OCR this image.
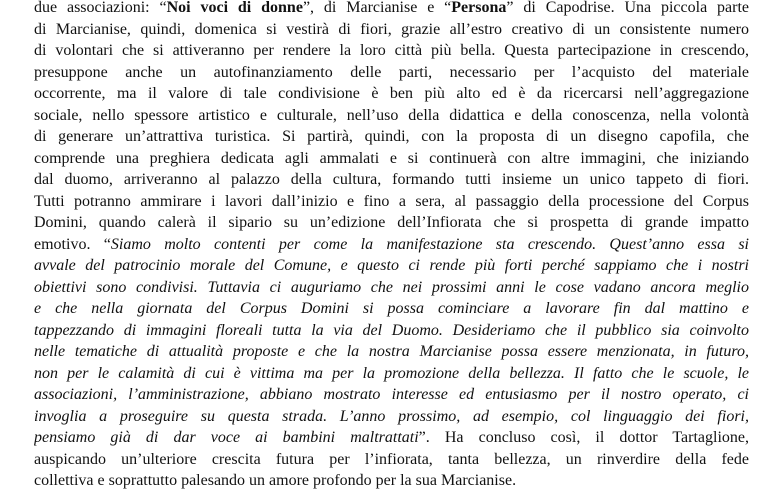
due associazioni: “Noi voci di donne”, di Marcianise e “Persona” di Capodrise. Una piccola parte
di Marcianise, quindi, domenica si vestirà di fiori, grazie all’estro creativo di un consistente numero
di volontari che si attiveranno per rendere la loro città più bella. Questa partecipazione in crescendo,
presuppone anche un autofinanziamento delle parti, necessario per l’acquisto del materiale
occorrente, ma il valore di tale condivisione è ben più alto ed è da ricercarsi nell’aggregazione
sociale, nello spessore artistico e culturale, nell’uso della didattica e della conoscenza, nella volontà
di generare un’attrattiva turistica. Si partirà, quindi, con la proposta di un disegno capofila, che
comprende una preghiera dedicata agli ammalati e si continuerà con altre immagini, che iniziando
dal duomo, arriveranno al palazzo della cultura, formando tutti insieme un unico tappeto di fiori.
Tutti potranno ammirare i lavori dall’inizio e fino a sera, al passaggio della processione del Corpus
Domini, quando calerà il sipario su un’edizione dell’Infiorata che si prospetta di grande impatto
emotivo. “Siamo molto contenti per come la manifestazione sta crescendo. Quest’anno essa si
avvale del patrocinio morale del Comune, e questo ci rende più forti perché sappiamo che i nostri
obiettivi sono condivisi. Tuttavia ci auguriamo che nei prossimi anni le cose vadano ancora meglio
e che nella giornata del Corpus Domini si possa cominciare a lavorare fin dal mattino e
tappezzando di immagini floreali tutta la via del Duomo. Desideriamo che il pubblico sia coinvolto
nelle tematiche di attualità proposte e che la nostra Marcianise possa essere menzionata, in futuro,
non per le calamità di cui è vittima ma per la promozione della bellezza. Il fatto che le scuole, le
associazioni, l’amministrazione, abbiano mostrato interesse ed entusiasmo per il nostro operato, ci
invoglia a proseguire su questa strada. L’anno prossimo, ad esempio, col linguaggio dei fiori,
pensiamo già di dar voce ai bambini maltrattati”. Ha concluso così, il dottor Tartaglione,
auspicando un’ulteriore crescita futura per l’infiorata, tanta bellezza, un rinverdire della fede
collettiva e soprattutto palesando un amore profondo per la sua Marcianise.
